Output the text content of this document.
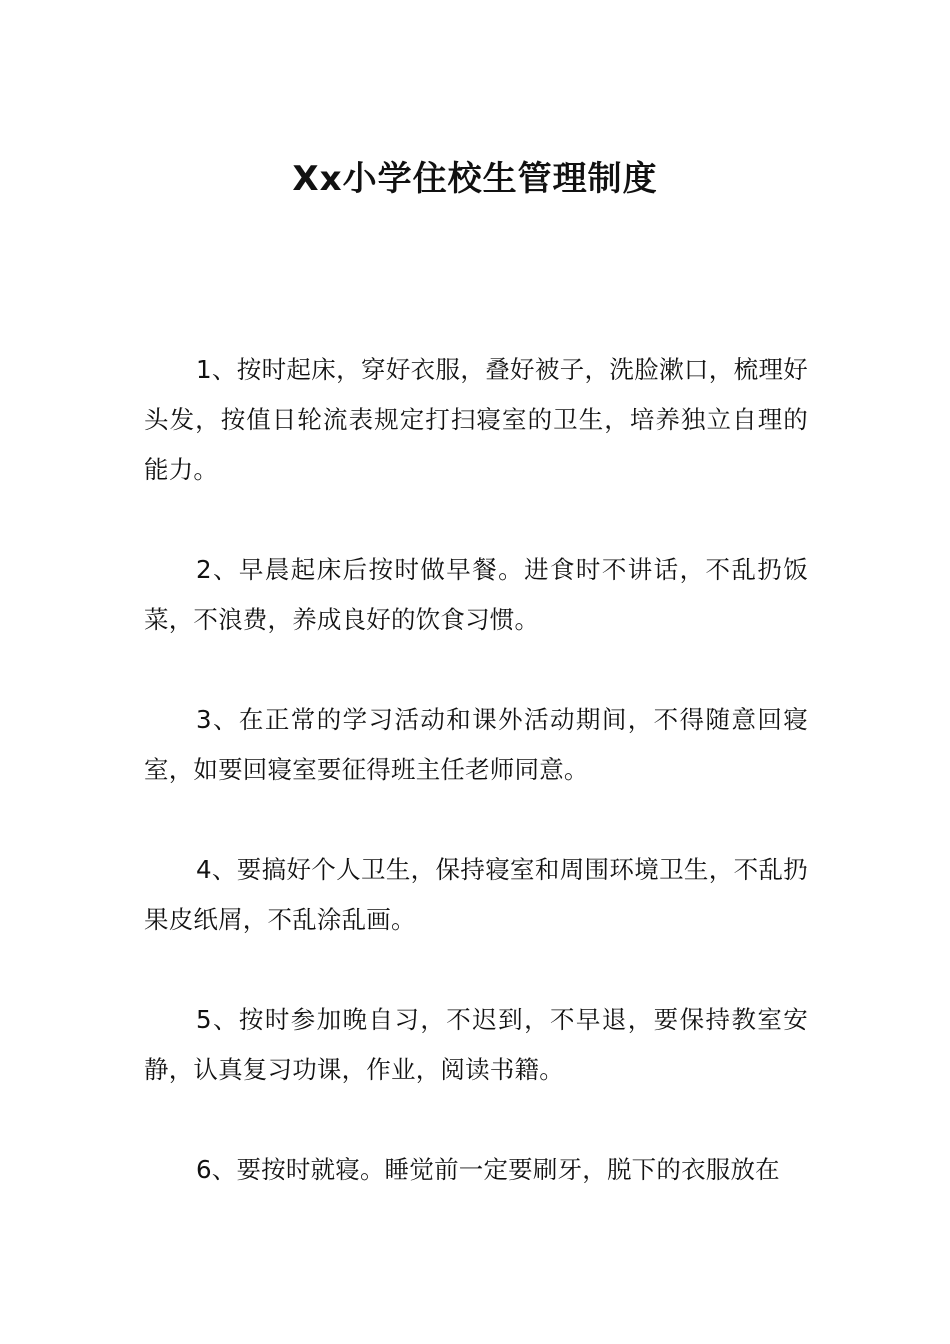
Xx小学住校生管理制度

1、按时起床，穿好衣服，叠好被子，洗脸漱口，梳理好头发，按值日轮流表规定打扫寝室的卫生，培养独立自理的能力。

2、早晨起床后按时做早餐。进食时不讲话，不乱扔饭菜，不浪费，养成良好的饮食习惯。

3、在正常的学习活动和课外活动期间，不得随意回寝室，如要回寝室要征得班主任老师同意。

4、要搞好个人卫生，保持寝室和周围环境卫生，不乱扔果皮纸屑，不乱涂乱画。

5、按时参加晚自习，不迟到，不早退，要保持教室安静，认真复习功课，作业，阅读书籍。

6、要按时就寝。睡觉前一定要刷牙，脱下的衣服放在
